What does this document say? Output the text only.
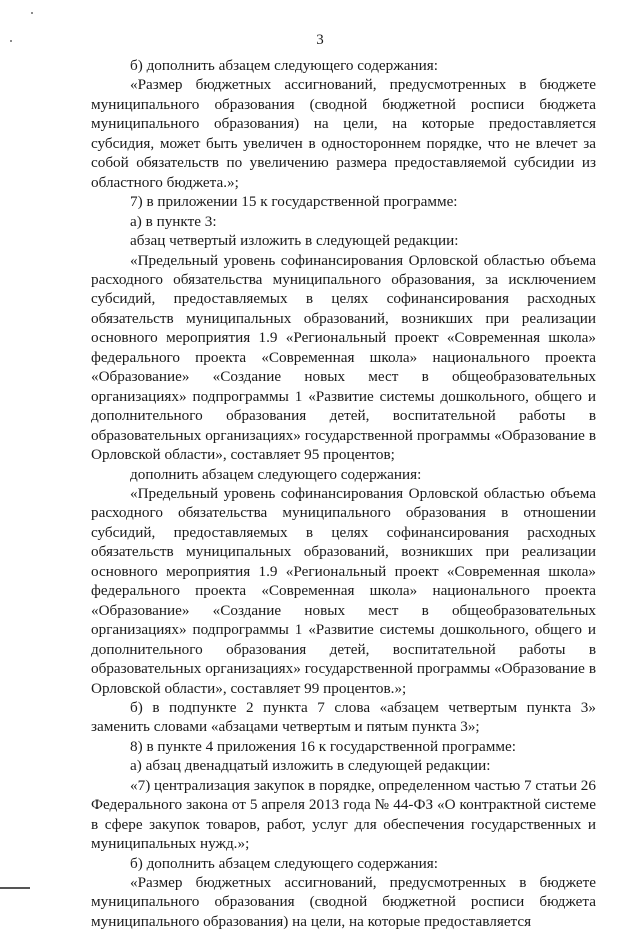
3

б) дополнить абзацем следующего содержания:

«Размер бюджетных ассигнований, предусмотренных в бюджете муниципального образования (сводной бюджетной росписи бюджета муниципального образования) на цели, на которые предоставляется субсидия, может быть увеличен в одностороннем порядке, что не влечет за собой обязательств по увеличению размера предоставляемой субсидии из областного бюджета.»;

7) в приложении 15 к государственной программе:

а) в пункте 3:

абзац четвертый изложить в следующей редакции:

«Предельный уровень софинансирования Орловской областью объема расходного обязательства муниципального образования, за исключением субсидий, предоставляемых в целях софинансирования расходных обязательств муниципальных образований, возникших при реализации основного мероприятия 1.9 «Региональный проект «Современная школа» федерального проекта «Современная школа» национального проекта «Образование» «Создание новых мест в общеобразовательных организациях» подпрограммы 1 «Развитие системы дошкольного, общего и дополнительного образования детей, воспитательной работы в образовательных организациях» государственной программы «Образование в Орловской области», составляет 95 процентов;

дополнить абзацем следующего содержания:

«Предельный уровень софинансирования Орловской областью объема расходного обязательства муниципального образования в отношении субсидий, предоставляемых в целях софинансирования расходных обязательств муниципальных образований, возникших при реализации основного мероприятия 1.9 «Региональный проект «Современная школа» федерального проекта «Современная школа» национального проекта «Образование» «Создание новых мест в общеобразовательных организациях» подпрограммы 1 «Развитие системы дошкольного, общего и дополнительного образования детей, воспитательной работы в образовательных организациях» государственной программы «Образование в Орловской области», составляет 99 процентов.»;

б) в подпункте 2 пункта 7 слова «абзацем четвертым пункта 3» заменить словами «абзацами четвертым и пятым пункта 3»;

8) в пункте 4 приложения 16 к государственной программе:

а) абзац двенадцатый изложить в следующей редакции:

«7) централизация закупок в порядке, определенном частью 7 статьи 26 Федерального закона от 5 апреля 2013 года № 44-ФЗ «О контрактной системе в сфере закупок товаров, работ, услуг для обеспечения государственных и муниципальных нужд.»;

б) дополнить абзацем следующего содержания:

«Размер бюджетных ассигнований, предусмотренных в бюджете муниципального образования (сводной бюджетной росписи бюджета муниципального образования) на цели, на которые предоставляется
